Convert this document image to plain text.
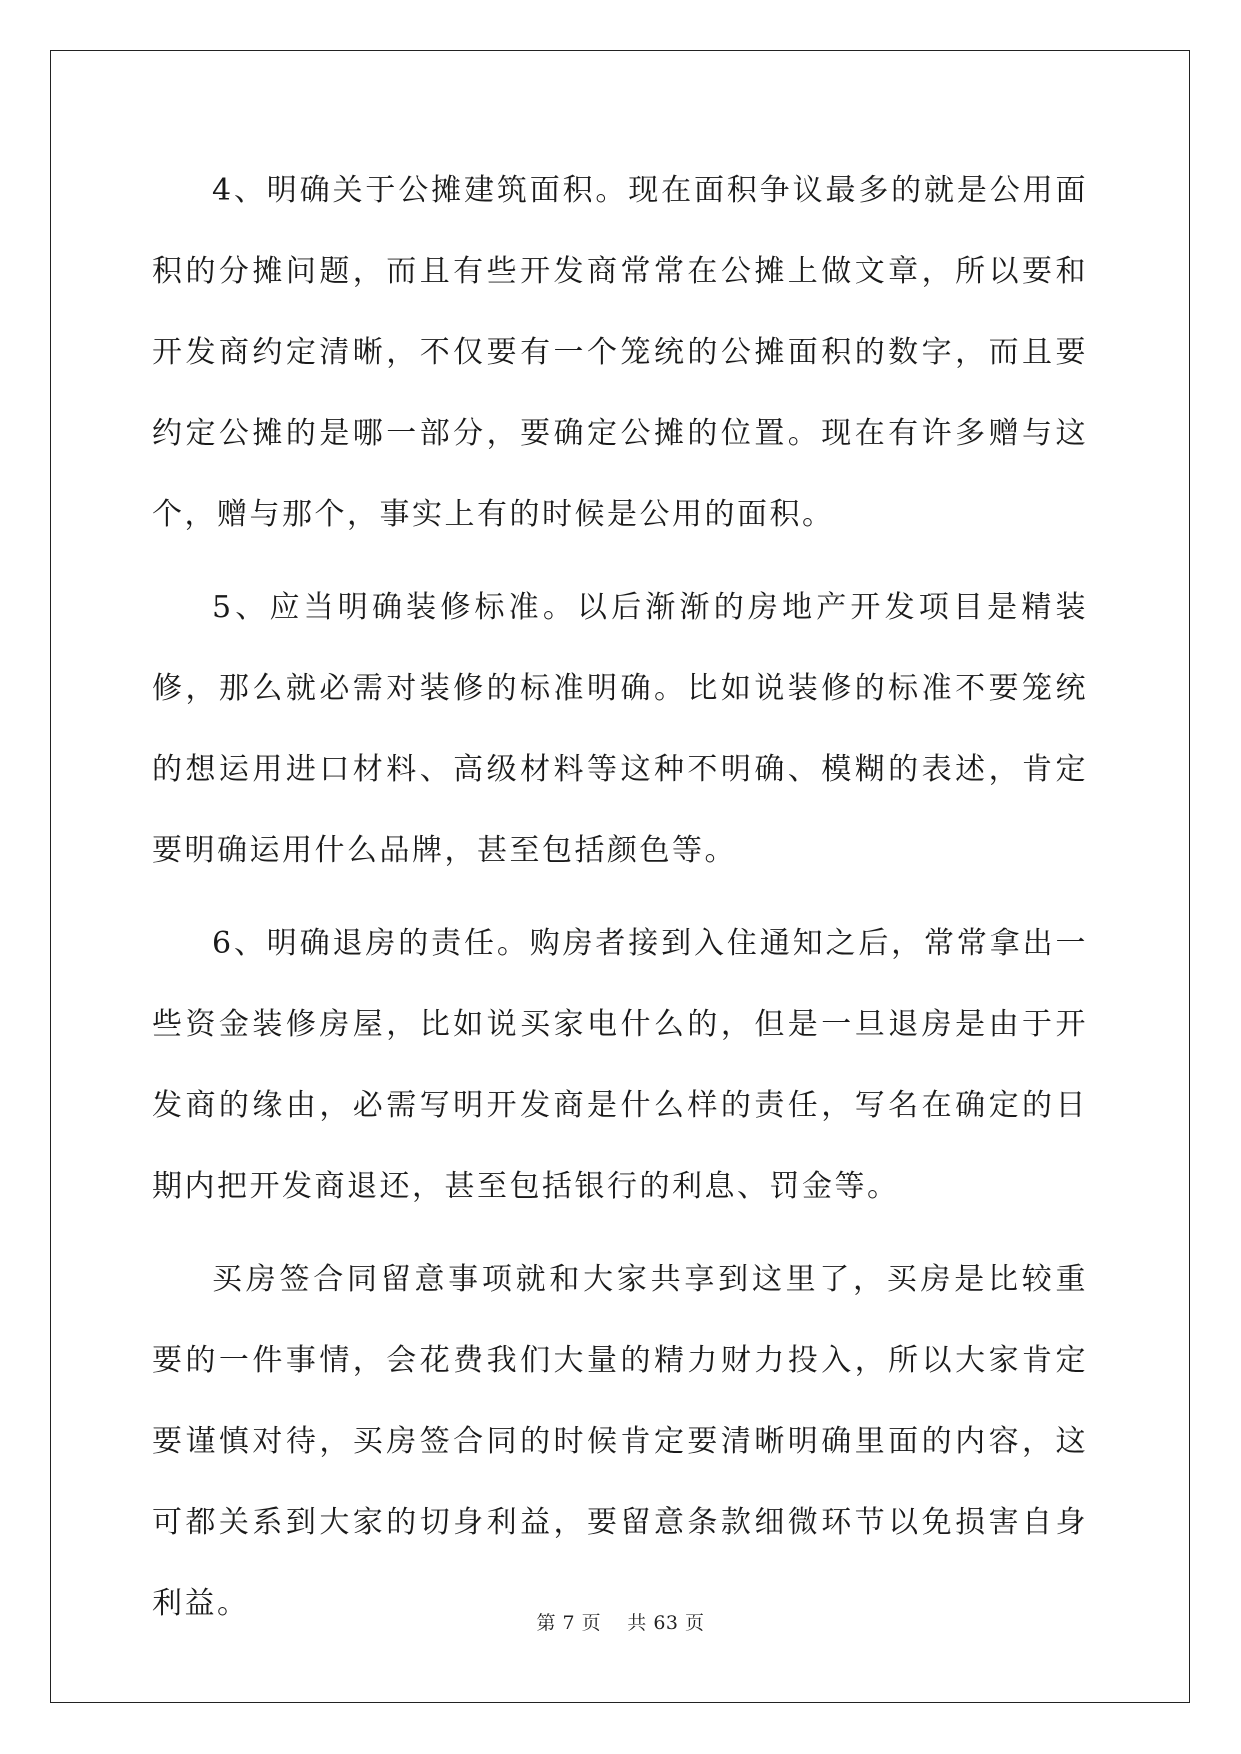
4、明确关于公摊建筑面积。现在面积争议最多的就是公用面积的分摊问题，而且有些开发商常常在公摊上做文章，所以要和开发商约定清晰，不仅要有一个笼统的公摊面积的数字，而且要约定公摊的是哪一部分，要确定公摊的位置。现在有许多赠与这个，赠与那个，事实上有的时候是公用的面积。

5、应当明确装修标准。以后渐渐的房地产开发项目是精装修，那么就必需对装修的标准明确。比如说装修的标准不要笼统的想运用进口材料、高级材料等这种不明确、模糊的表述，肯定要明确运用什么品牌，甚至包括颜色等。

6、明确退房的责任。购房者接到入住通知之后，常常拿出一些资金装修房屋，比如说买家电什么的，但是一旦退房是由于开发商的缘由，必需写明开发商是什么样的责任，写名在确定的日期内把开发商退还，甚至包括银行的利息、罚金等。

买房签合同留意事项就和大家共享到这里了，买房是比较重要的一件事情，会花费我们大量的精力财力投入，所以大家肯定要谨慎对待，买房签合同的时候肯定要清晰明确里面的内容，这可都关系到大家的切身利益，要留意条款细微环节以免损害自身利益。

第 7 页 共 63 页
